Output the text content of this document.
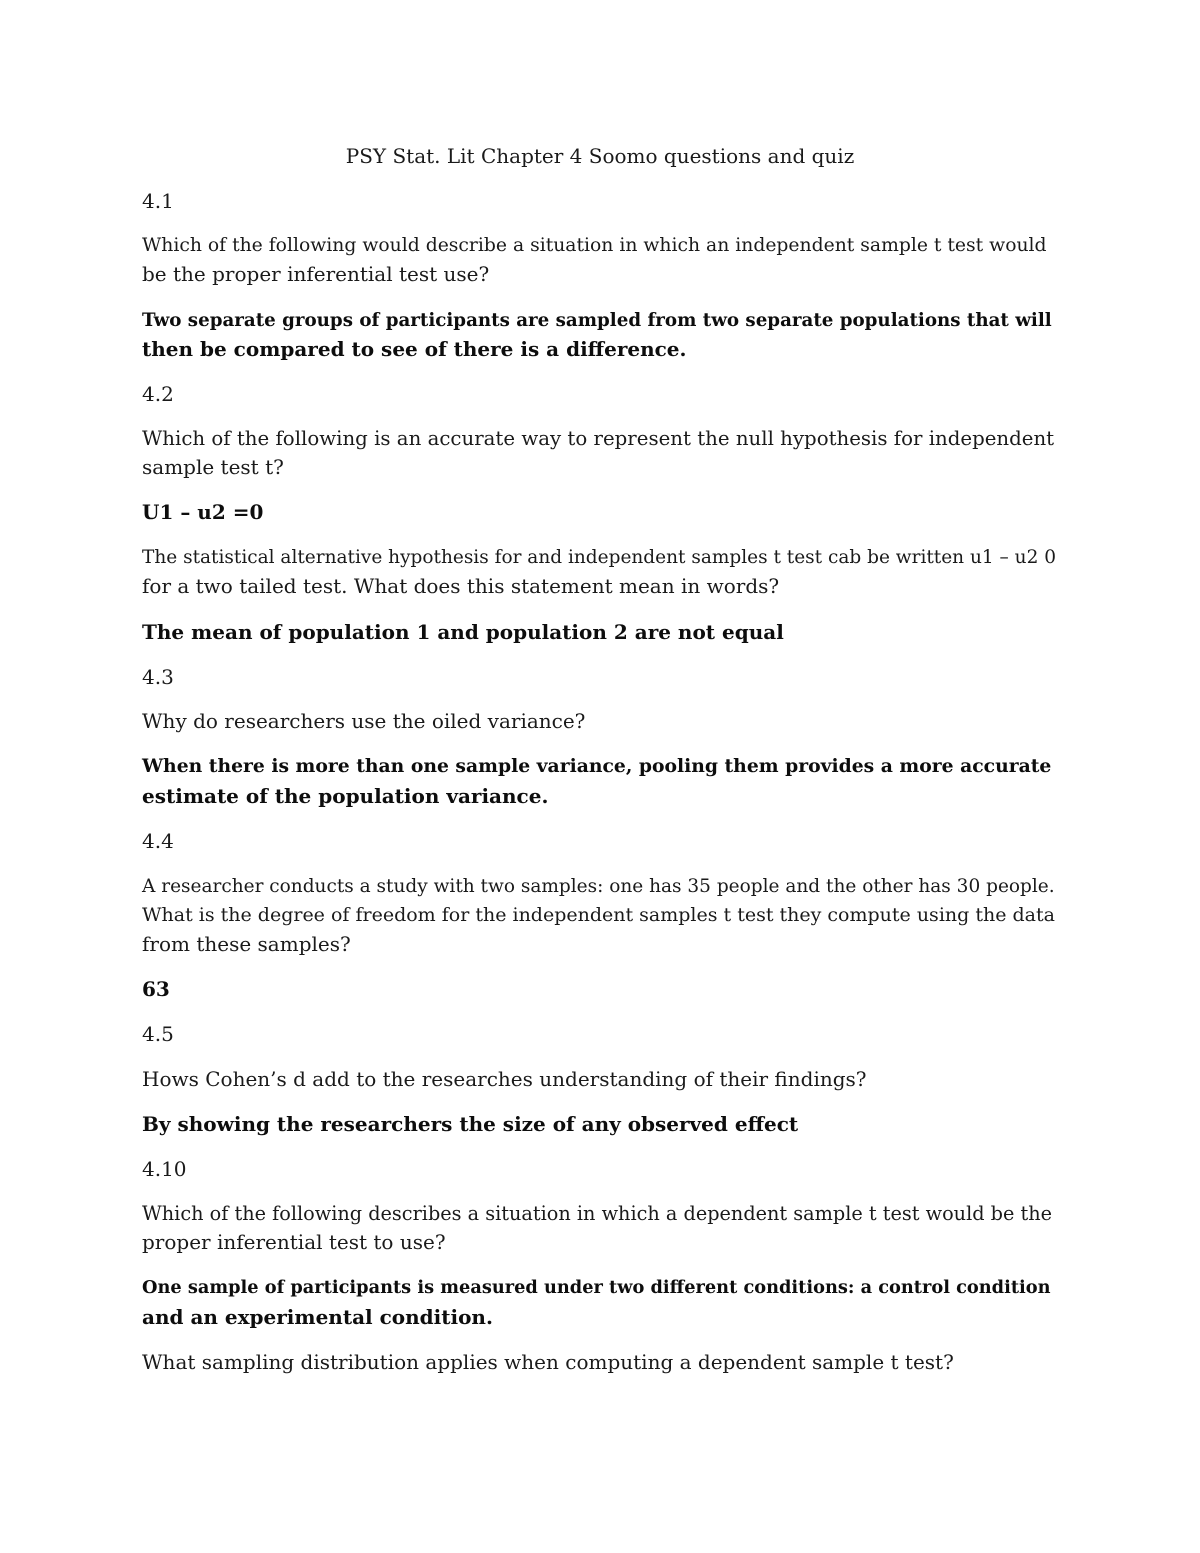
PSY Stat. Lit Chapter 4 Soomo questions and quiz

4.1

Which of the following would describe a situation in which an independent sample t test would

be the proper inferential test use?

Two separate groups of participants are sampled from two separate populations that will

then be compared to see of there is a difference.

4.2

Which of the following is an accurate way to represent the null hypothesis for independent

sample test t?

U1 – u2 =0

The statistical alternative hypothesis for and independent samples t test cab be written u1 – u2 0

for a two tailed test. What does this statement mean in words?

The mean of population 1 and population 2 are not equal

4.3

Why do researchers use the oiled variance?

When there is more than one sample variance, pooling them provides a more accurate

estimate of the population variance.

4.4

A researcher conducts a study with two samples: one has 35 people and the other has 30 people.

What is the degree of freedom for the independent samples t test they compute using the data

from these samples?

63

4.5

Hows Cohen’s d add to the researches understanding of their findings?

By showing the researchers the size of any observed effect

4.10

Which of the following describes a situation in which a dependent sample t test would be the

proper inferential test to use?

One sample of participants is measured under two different conditions: a control condition

and an experimental condition.

What sampling distribution applies when computing a dependent sample t test?
